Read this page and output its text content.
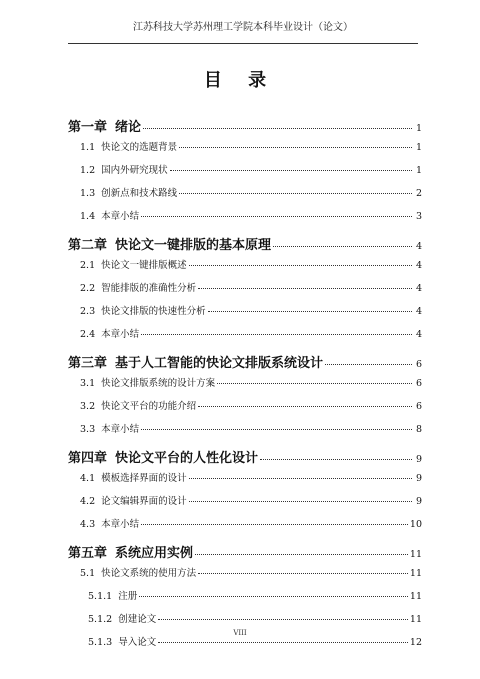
江苏科技大学苏州理工学院本科毕业设计（论文）
目 录
第一章 绪论	1
1.1 快论文的选题背景	1
1.2 国内外研究现状	1
1.3 创新点和技术路线	2
1.4 本章小结	3
第二章 快论文一键排版的基本原理	4
2.1 快论文一键排版概述	4
2.2 智能排版的准确性分析	4
2.3 快论文排版的快速性分析	4
2.4 本章小结	4
第三章 基于人工智能的快论文排版系统设计	6
3.1 快论文排版系统的设计方案	6
3.2 快论文平台的功能介绍	6
3.3 本章小结	8
第四章 快论文平台的人性化设计	9
4.1 模板选择界面的设计	9
4.2 论文编辑界面的设计	9
4.3 本章小结	10
第五章 系统应用实例	11
5.1 快论文系统的使用方法	11
5.1.1 注册	11
5.1.2 创建论文	11
5.1.3 导入论文	12
VIII
